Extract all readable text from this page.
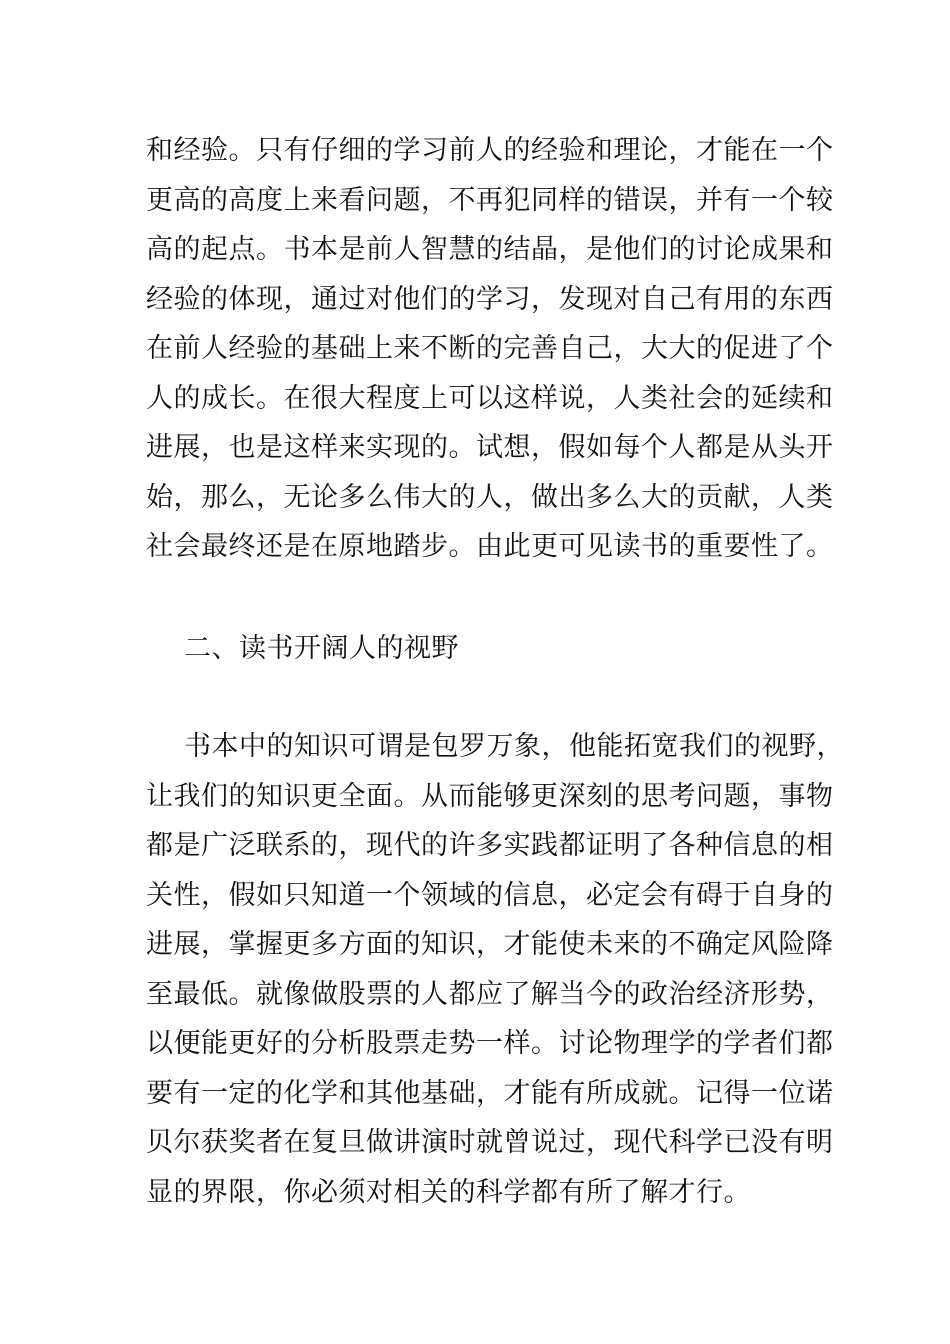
和经验。只有仔细的学习前人的经验和理论，才能在一个
更高的高度上来看问题，不再犯同样的错误，并有一个较
高的起点。书本是前人智慧的结晶，是他们的讨论成果和
经验的体现，通过对他们的学习，发现对自己有用的东西
在前人经验的基础上来不断的完善自己，大大的促进了个
人的成长。在很大程度上可以这样说，人类社会的延续和
进展，也是这样来实现的。试想，假如每个人都是从头开
始，那么，无论多么伟大的人，做出多么大的贡献，人类
社会最终还是在原地踏步。由此更可见读书的重要性了。
二、读书开阔人的视野
书本中的知识可谓是包罗万象，他能拓宽我们的视野，
让我们的知识更全面。从而能够更深刻的思考问题，事物
都是广泛联系的，现代的许多实践都证明了各种信息的相
关性，假如只知道一个领域的信息，必定会有碍于自身的
进展，掌握更多方面的知识，才能使未来的不确定风险降
至最低。就像做股票的人都应了解当今的政治经济形势，
以便能更好的分析股票走势一样。讨论物理学的学者们都
要有一定的化学和其他基础，才能有所成就。记得一位诺
贝尔获奖者在复旦做讲演时就曾说过，现代科学已没有明
显的界限，你必须对相关的科学都有所了解才行。
